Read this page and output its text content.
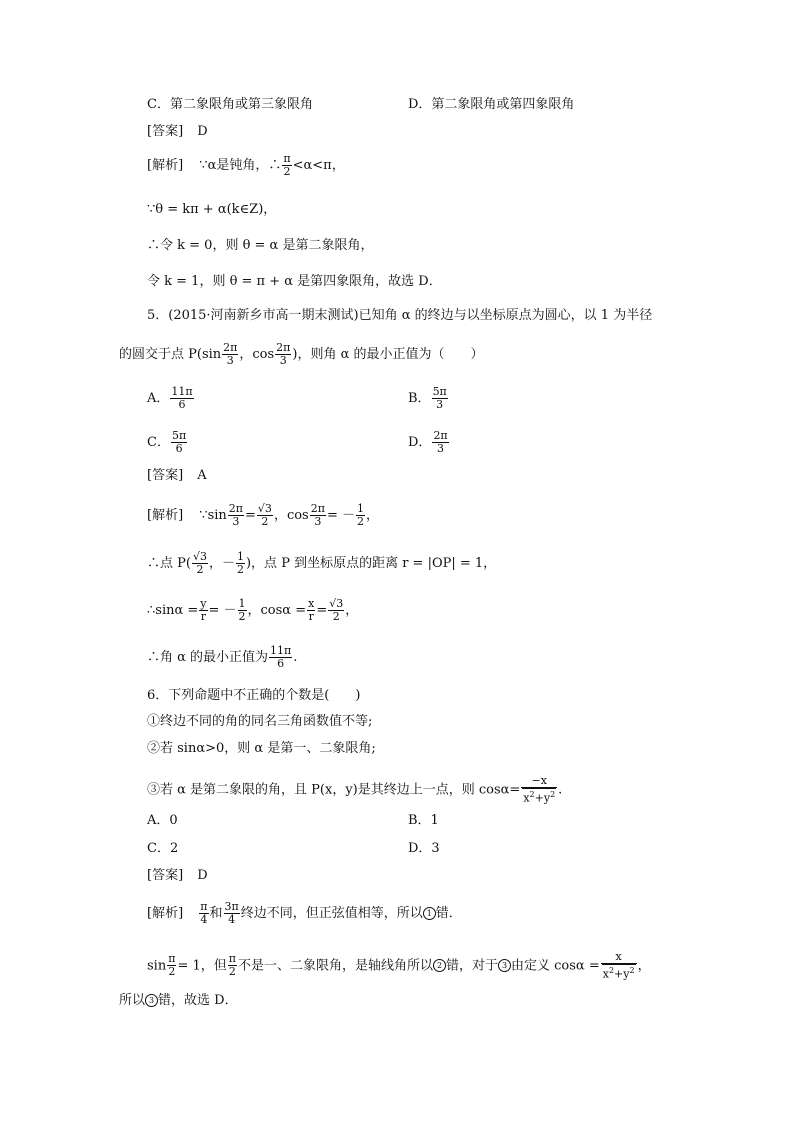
C．第二象限角或第三象限角	D．第二象限角或第四象限角
[答案] D
[解析] ∵α是钝角，∴ $\frac{\pi}{2} <\alpha<\pi$，
∵θ = kπ + α(k∈Z)，
∴令 k = 0，则 θ = α 是第二象限角，
令 k = 1，则 θ = π + α 是第四象限角，故选 D．
5．(2015·河南新乡市高一期末测试)已知角 α 的终边与以坐标原点为圆心，以 1 为半径
的圆交于点 $P(\sin \frac{2\pi}{3}$ ，$\cos \frac{2\pi}{3}$ )，则角 α 的最小正值为（　　）
A． $\frac{11\pi}{6}$	B． $\frac{5\pi}{3}$
C． $\frac{5\pi}{6}$	D． $\frac{2\pi}{3}$
[答案] A
[解析] ∵sin $\frac{2\pi}{3} = \frac{√3}{2}$ ，$\cos \frac{2\pi}{3}$ = － $\frac{1}{2}$ ，
∴点 $P( \frac{√3}{2}$ ，－ $\frac{1}{2}$ )，点 P 到坐标原点的距离 r = |OP| = 1，
∴sinα = $\frac{y}{r}$ = － $\frac{1}{2}$ ，$\cos\alpha = \frac{x}{r} = \frac{√3}{2}$ ，
∴角 α 的最小正值为 $\frac{11\pi}{6}$ .
6．下列命题中不正确的个数是(　　)
①终边不同的角的同名三角函数值不等;
②若 sinα>0，则 α 是第一、二象限角;
③若 α 是第二象限的角，且 P(x，y)是其终边上一点，则 $\cos\alpha= \frac{-x}{x^2+y^2}$ .
A．0	B．1
C．2	D．3
[答案] D
[解析] $\frac{\pi}{4}$ 和 $\frac{3\pi}{4}$ 终边不同，但正弦值相等，所以 1 错．
$\sin \frac{\pi}{2} = 1$，但 $\frac{\pi}{2}$ 不是一、二象限角，是轴线角所以 2 错，对于 3 由定义 $\cos\alpha = \frac{x}{x^2+y^2}$ ，
所以 3 错，故选 D．
